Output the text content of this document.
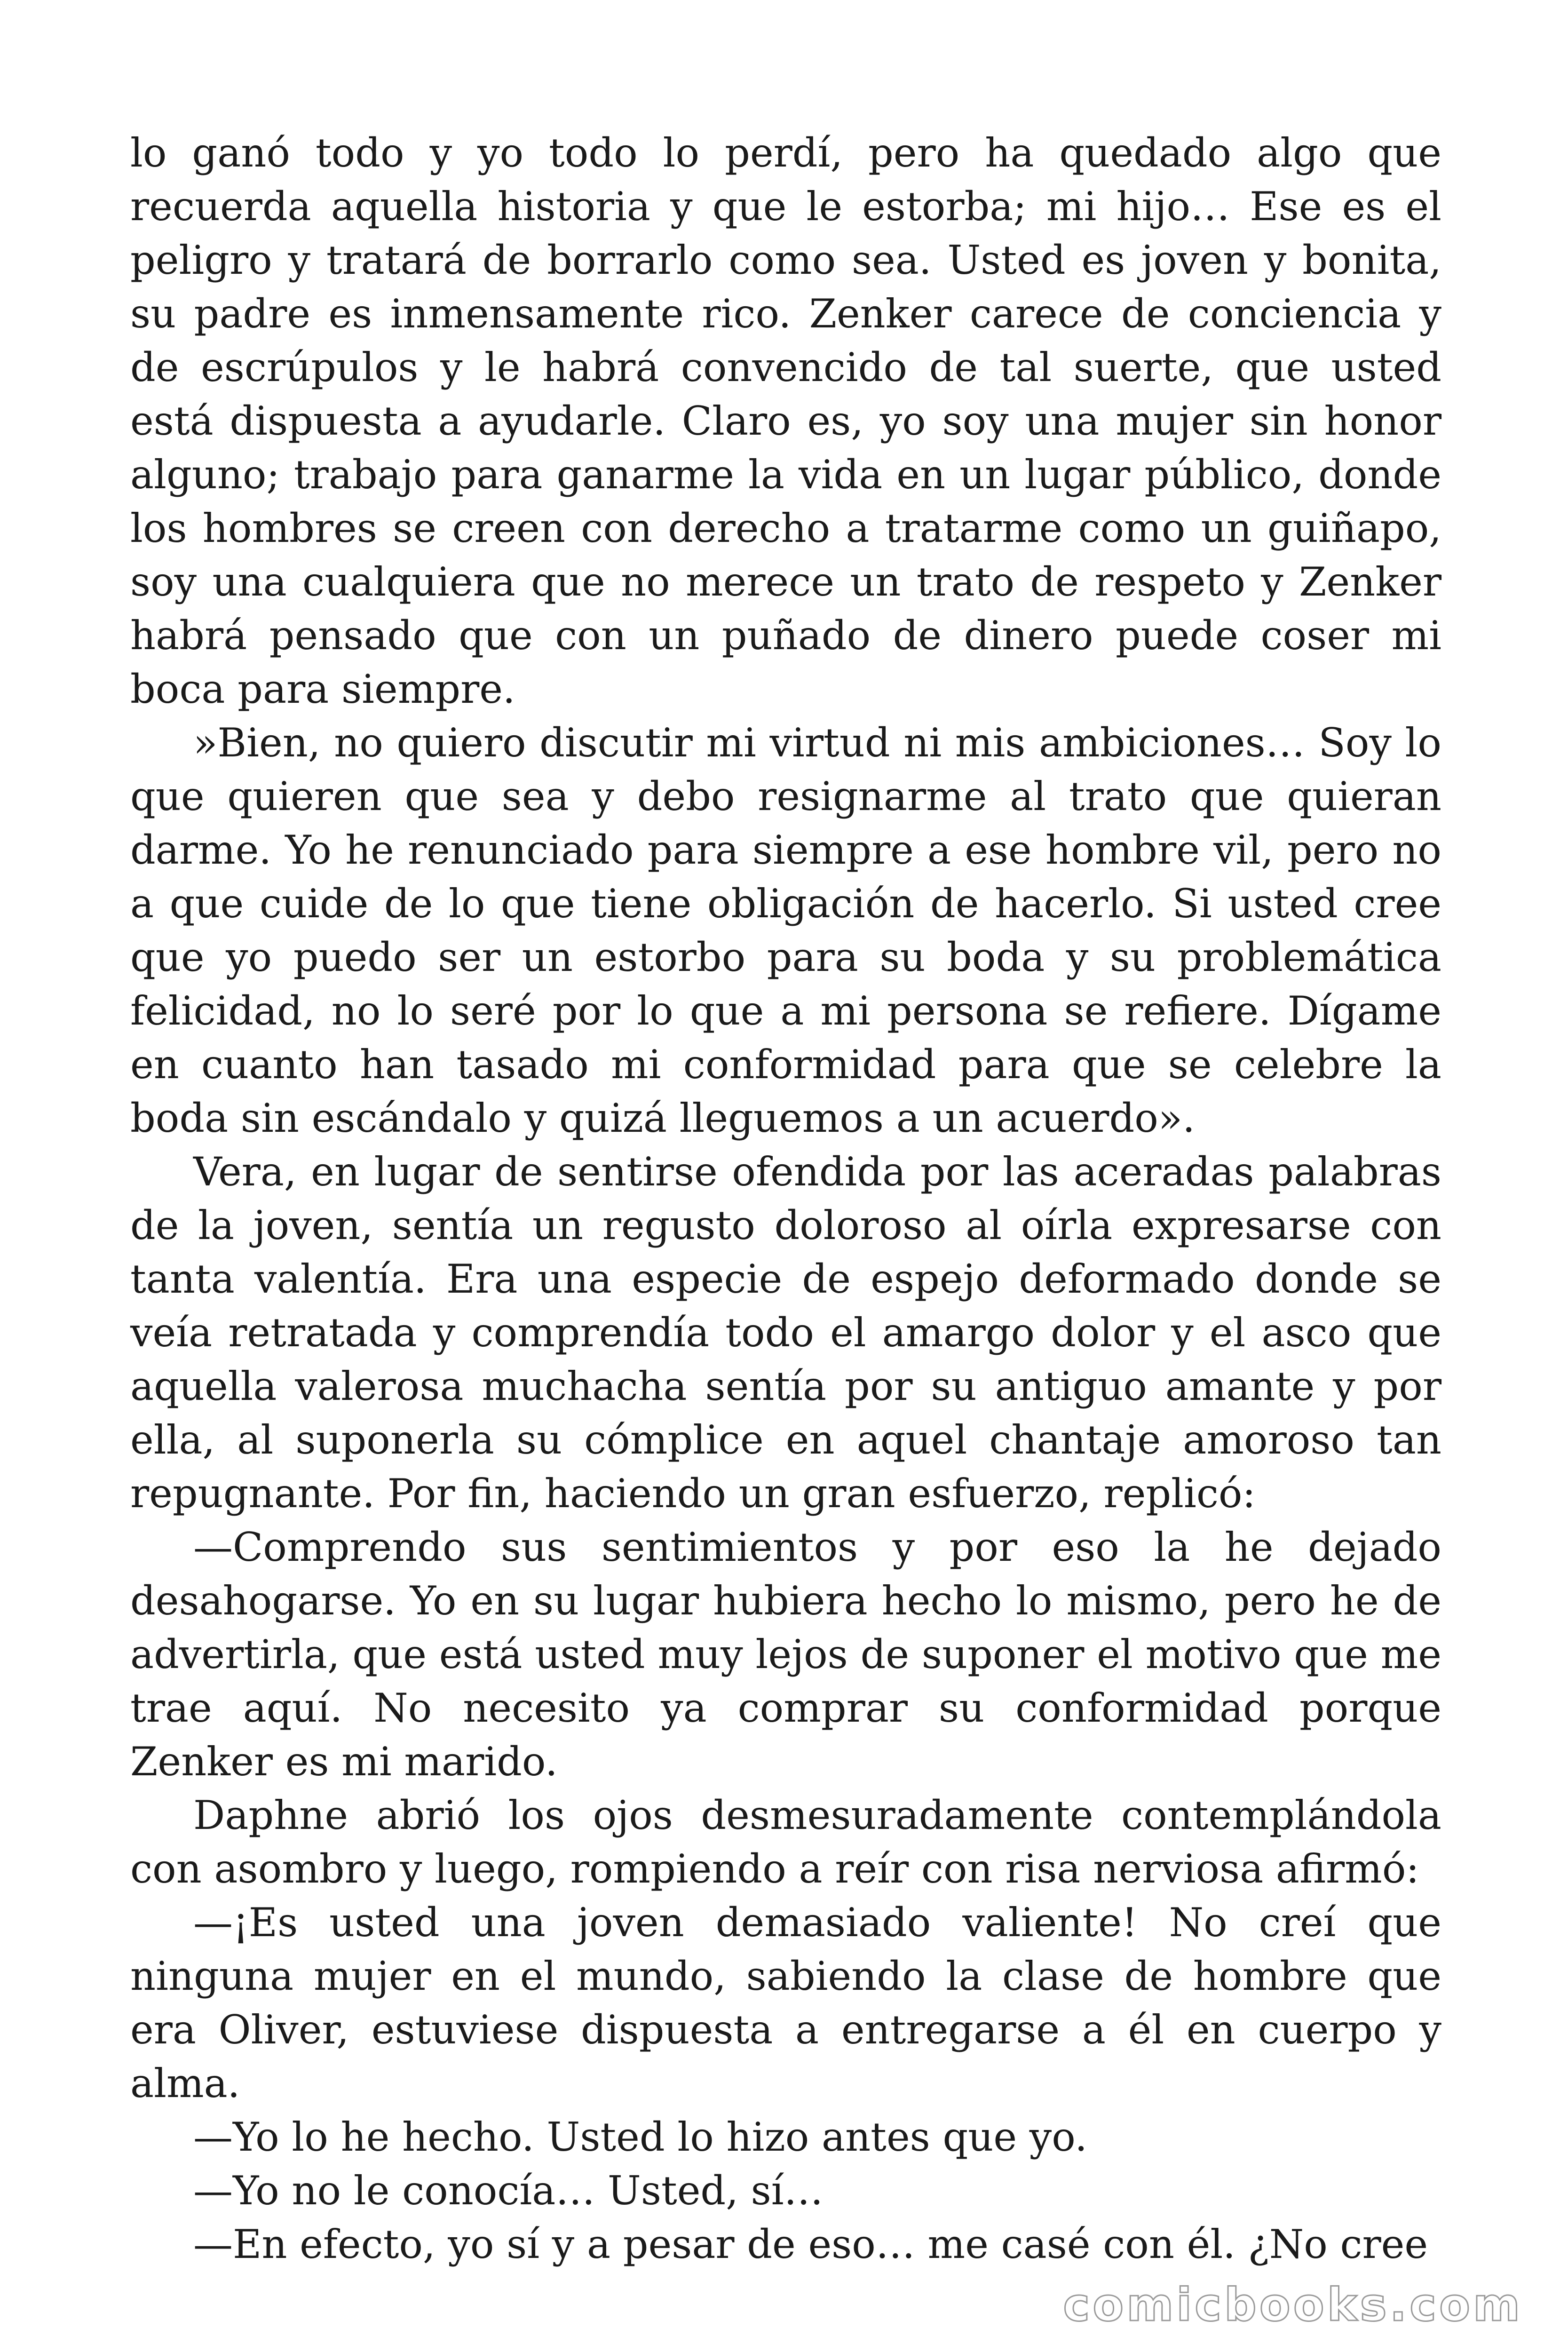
lo ganó todo y yo todo lo perdí, pero ha quedado algo que recuerda aquella historia y que le estorba; mi hijo… Ese es el peligro y tratará de borrarlo como sea. Usted es joven y bonita, su padre es inmensamente rico. Zenker carece de conciencia y de escrúpulos y le habrá convencido de tal suerte, que usted está dispuesta a ayudarle. Claro es, yo soy una mujer sin honor alguno; trabajo para ganarme la vida en un lugar público, donde los hombres se creen con derecho a tratarme como un guiñapo, soy una cualquiera que no merece un trato de respeto y Zenker habrá pensado que con un puñado de dinero puede coser mi boca para siempre.

»Bien, no quiero discutir mi virtud ni mis ambiciones… Soy lo que quieren que sea y debo resignarme al trato que quieran darme. Yo he renunciado para siempre a ese hombre vil, pero no a que cuide de lo que tiene obligación de hacerlo. Si usted cree que yo puedo ser un estorbo para su boda y su problemática felicidad, no lo seré por lo que a mi persona se refiere. Dígame en cuanto han tasado mi conformidad para que se celebre la boda sin escándalo y quizá lleguemos a un acuerdo».

Vera, en lugar de sentirse ofendida por las aceradas palabras de la joven, sentía un regusto doloroso al oírla expresarse con tanta valentía. Era una especie de espejo deformado donde se veía retratada y comprendía todo el amargo dolor y el asco que aquella valerosa muchacha sentía por su antiguo amante y por ella, al suponerla su cómplice en aquel chantaje amoroso tan repugnante. Por fin, haciendo un gran esfuerzo, replicó:

—Comprendo sus sentimientos y por eso la he dejado desahogarse. Yo en su lugar hubiera hecho lo mismo, pero he de advertirla, que está usted muy lejos de suponer el motivo que me trae aquí. No necesito ya comprar su conformidad porque Zenker es mi marido.

Daphne abrió los ojos desmesuradamente contemplándola con asombro y luego, rompiendo a reír con risa nerviosa afirmó:

—¡Es usted una joven demasiado valiente! No creí que ninguna mujer en el mundo, sabiendo la clase de hombre que era Oliver, estuviese dispuesta a entregarse a él en cuerpo y alma.

—Yo lo he hecho. Usted lo hizo antes que yo.

—Yo no le conocía… Usted, sí…

—En efecto, yo sí y a pesar de eso… me casé con él. ¿No cree

comicbooks.com
